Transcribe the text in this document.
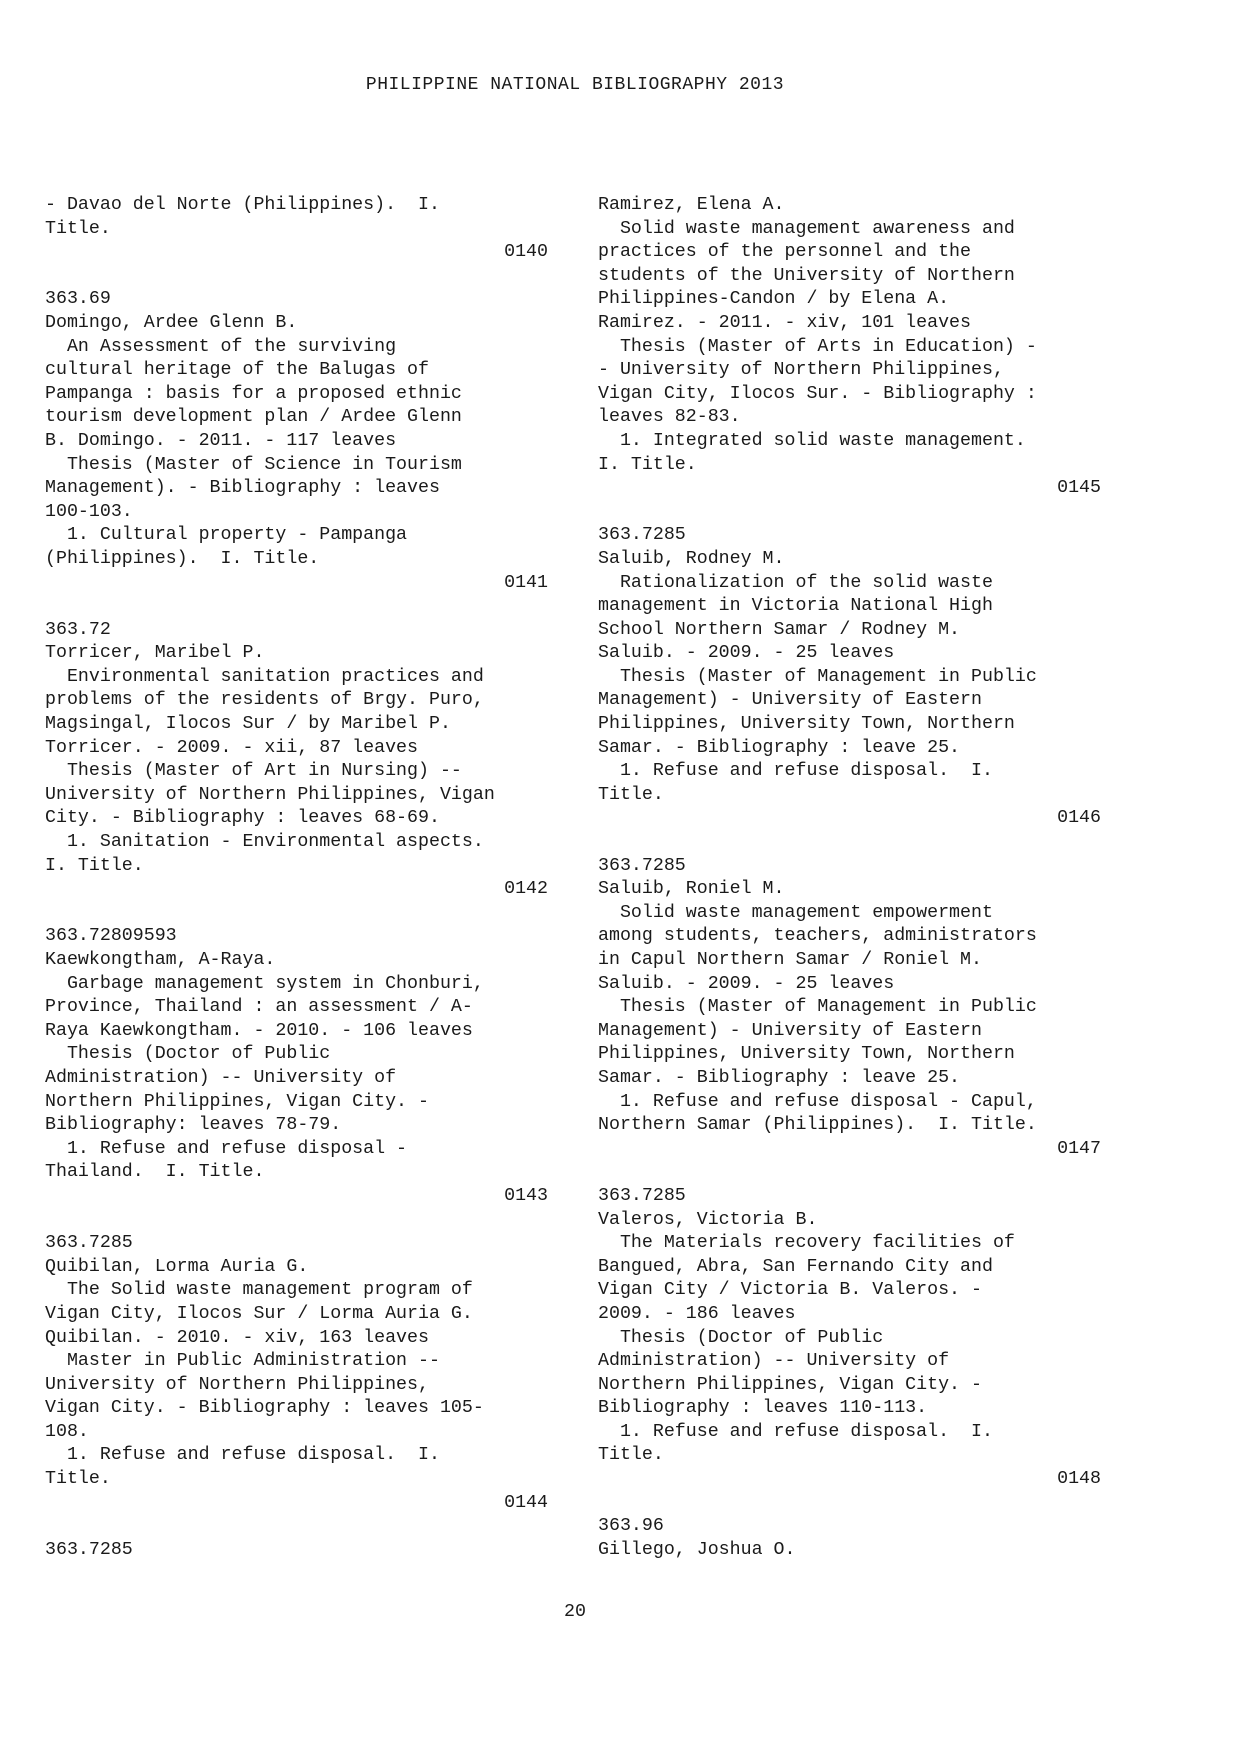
PHILIPPINE NATIONAL BIBLIOGRAPHY 2013
- Davao del Norte (Philippines).  I.
Title.
0140
363.69
Domingo, Ardee Glenn B.
An Assessment of the surviving
cultural heritage of the Balugas of
Pampanga : basis for a proposed ethnic
tourism development plan / Ardee Glenn
B. Domingo. - 2011. - 117 leaves
Thesis (Master of Science in Tourism
Management). - Bibliography : leaves
100-103.
1. Cultural property - Pampanga
(Philippines).  I. Title.
0141
363.72
Torricer, Maribel P.
Environmental sanitation practices and
problems of the residents of Brgy. Puro,
Magsingal, Ilocos Sur / by Maribel P.
Torricer. - 2009. - xii, 87 leaves
Thesis (Master of Art in Nursing) --
University of Northern Philippines, Vigan
City. - Bibliography : leaves 68-69.
1. Sanitation - Environmental aspects.
I. Title.
0142
363.72809593
Kaewkongtham, A-Raya.
Garbage management system in Chonburi,
Province, Thailand : an assessment / A-
Raya Kaewkongtham. - 2010. - 106 leaves
Thesis (Doctor of Public
Administration) -- University of
Northern Philippines, Vigan City. -
Bibliography: leaves 78-79.
1. Refuse and refuse disposal -
Thailand.  I. Title.
0143
363.7285
Quibilan, Lorma Auria G.
The Solid waste management program of
Vigan City, Ilocos Sur / Lorma Auria G.
Quibilan. - 2010. - xiv, 163 leaves
Master in Public Administration --
University of Northern Philippines,
Vigan City. - Bibliography : leaves 105-
108.
1. Refuse and refuse disposal.  I.
Title.
0144
363.7285
Ramirez, Elena A.
Solid waste management awareness and
practices of the personnel and the
students of the University of Northern
Philippines-Candon / by Elena A.
Ramirez. - 2011. - xiv, 101 leaves
Thesis (Master of Arts in Education) -
- University of Northern Philippines,
Vigan City, Ilocos Sur. - Bibliography :
leaves 82-83.
1. Integrated solid waste management.
I. Title.
0145
363.7285
Saluib, Rodney M.
Rationalization of the solid waste
management in Victoria National High
School Northern Samar / Rodney M.
Saluib. - 2009. - 25 leaves
Thesis (Master of Management in Public
Management) - University of Eastern
Philippines, University Town, Northern
Samar. - Bibliography : leave 25.
1. Refuse and refuse disposal.  I.
Title.
0146
363.7285
Saluib, Roniel M.
Solid waste management empowerment
among students, teachers, administrators
in Capul Northern Samar / Roniel M.
Saluib. - 2009. - 25 leaves
Thesis (Master of Management in Public
Management) - University of Eastern
Philippines, University Town, Northern
Samar. - Bibliography : leave 25.
1. Refuse and refuse disposal - Capul,
Northern Samar (Philippines).  I. Title.
0147
363.7285
Valeros, Victoria B.
The Materials recovery facilities of
Bangued, Abra, San Fernando City and
Vigan City / Victoria B. Valeros. -
2009. - 186 leaves
Thesis (Doctor of Public
Administration) -- University of
Northern Philippines, Vigan City. -
Bibliography : leaves 110-113.
1. Refuse and refuse disposal.  I.
Title.
0148
363.96
Gillego, Joshua O.
20
